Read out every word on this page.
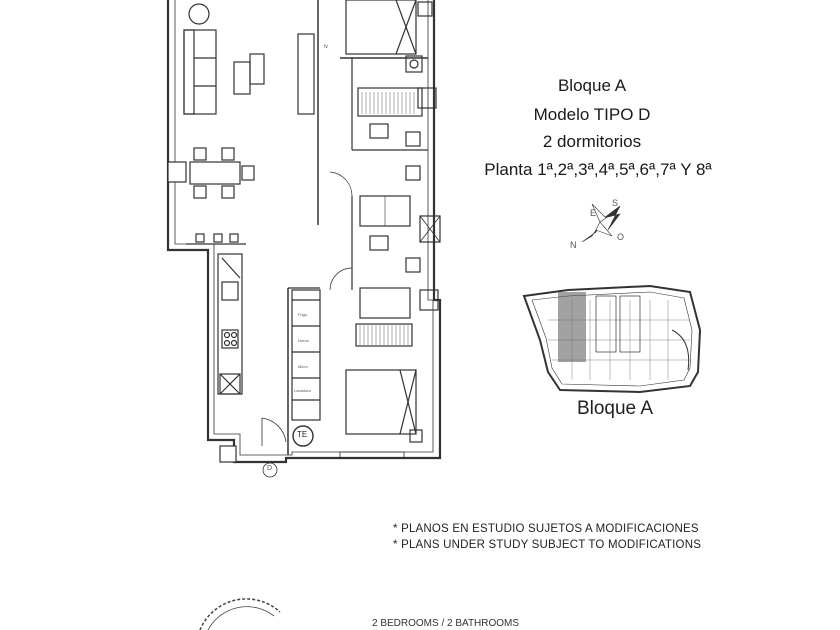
Bloque A
Modelo TIPO D
2 dormitorios
Planta 1ª,2ª,3ª,4ª,5ª,6ª,7ª Y 8ª
S
E
O
N
Bloque A
TE
D
tv
Frigo
Horno
Micro
Lavadora
* PLANOS EN ESTUDIO SUJETOS A MODIFICACIONES
* PLANS UNDER STUDY SUBJECT TO MODIFICATIONS
2 BEDROOMS / 2 BATHROOMS
